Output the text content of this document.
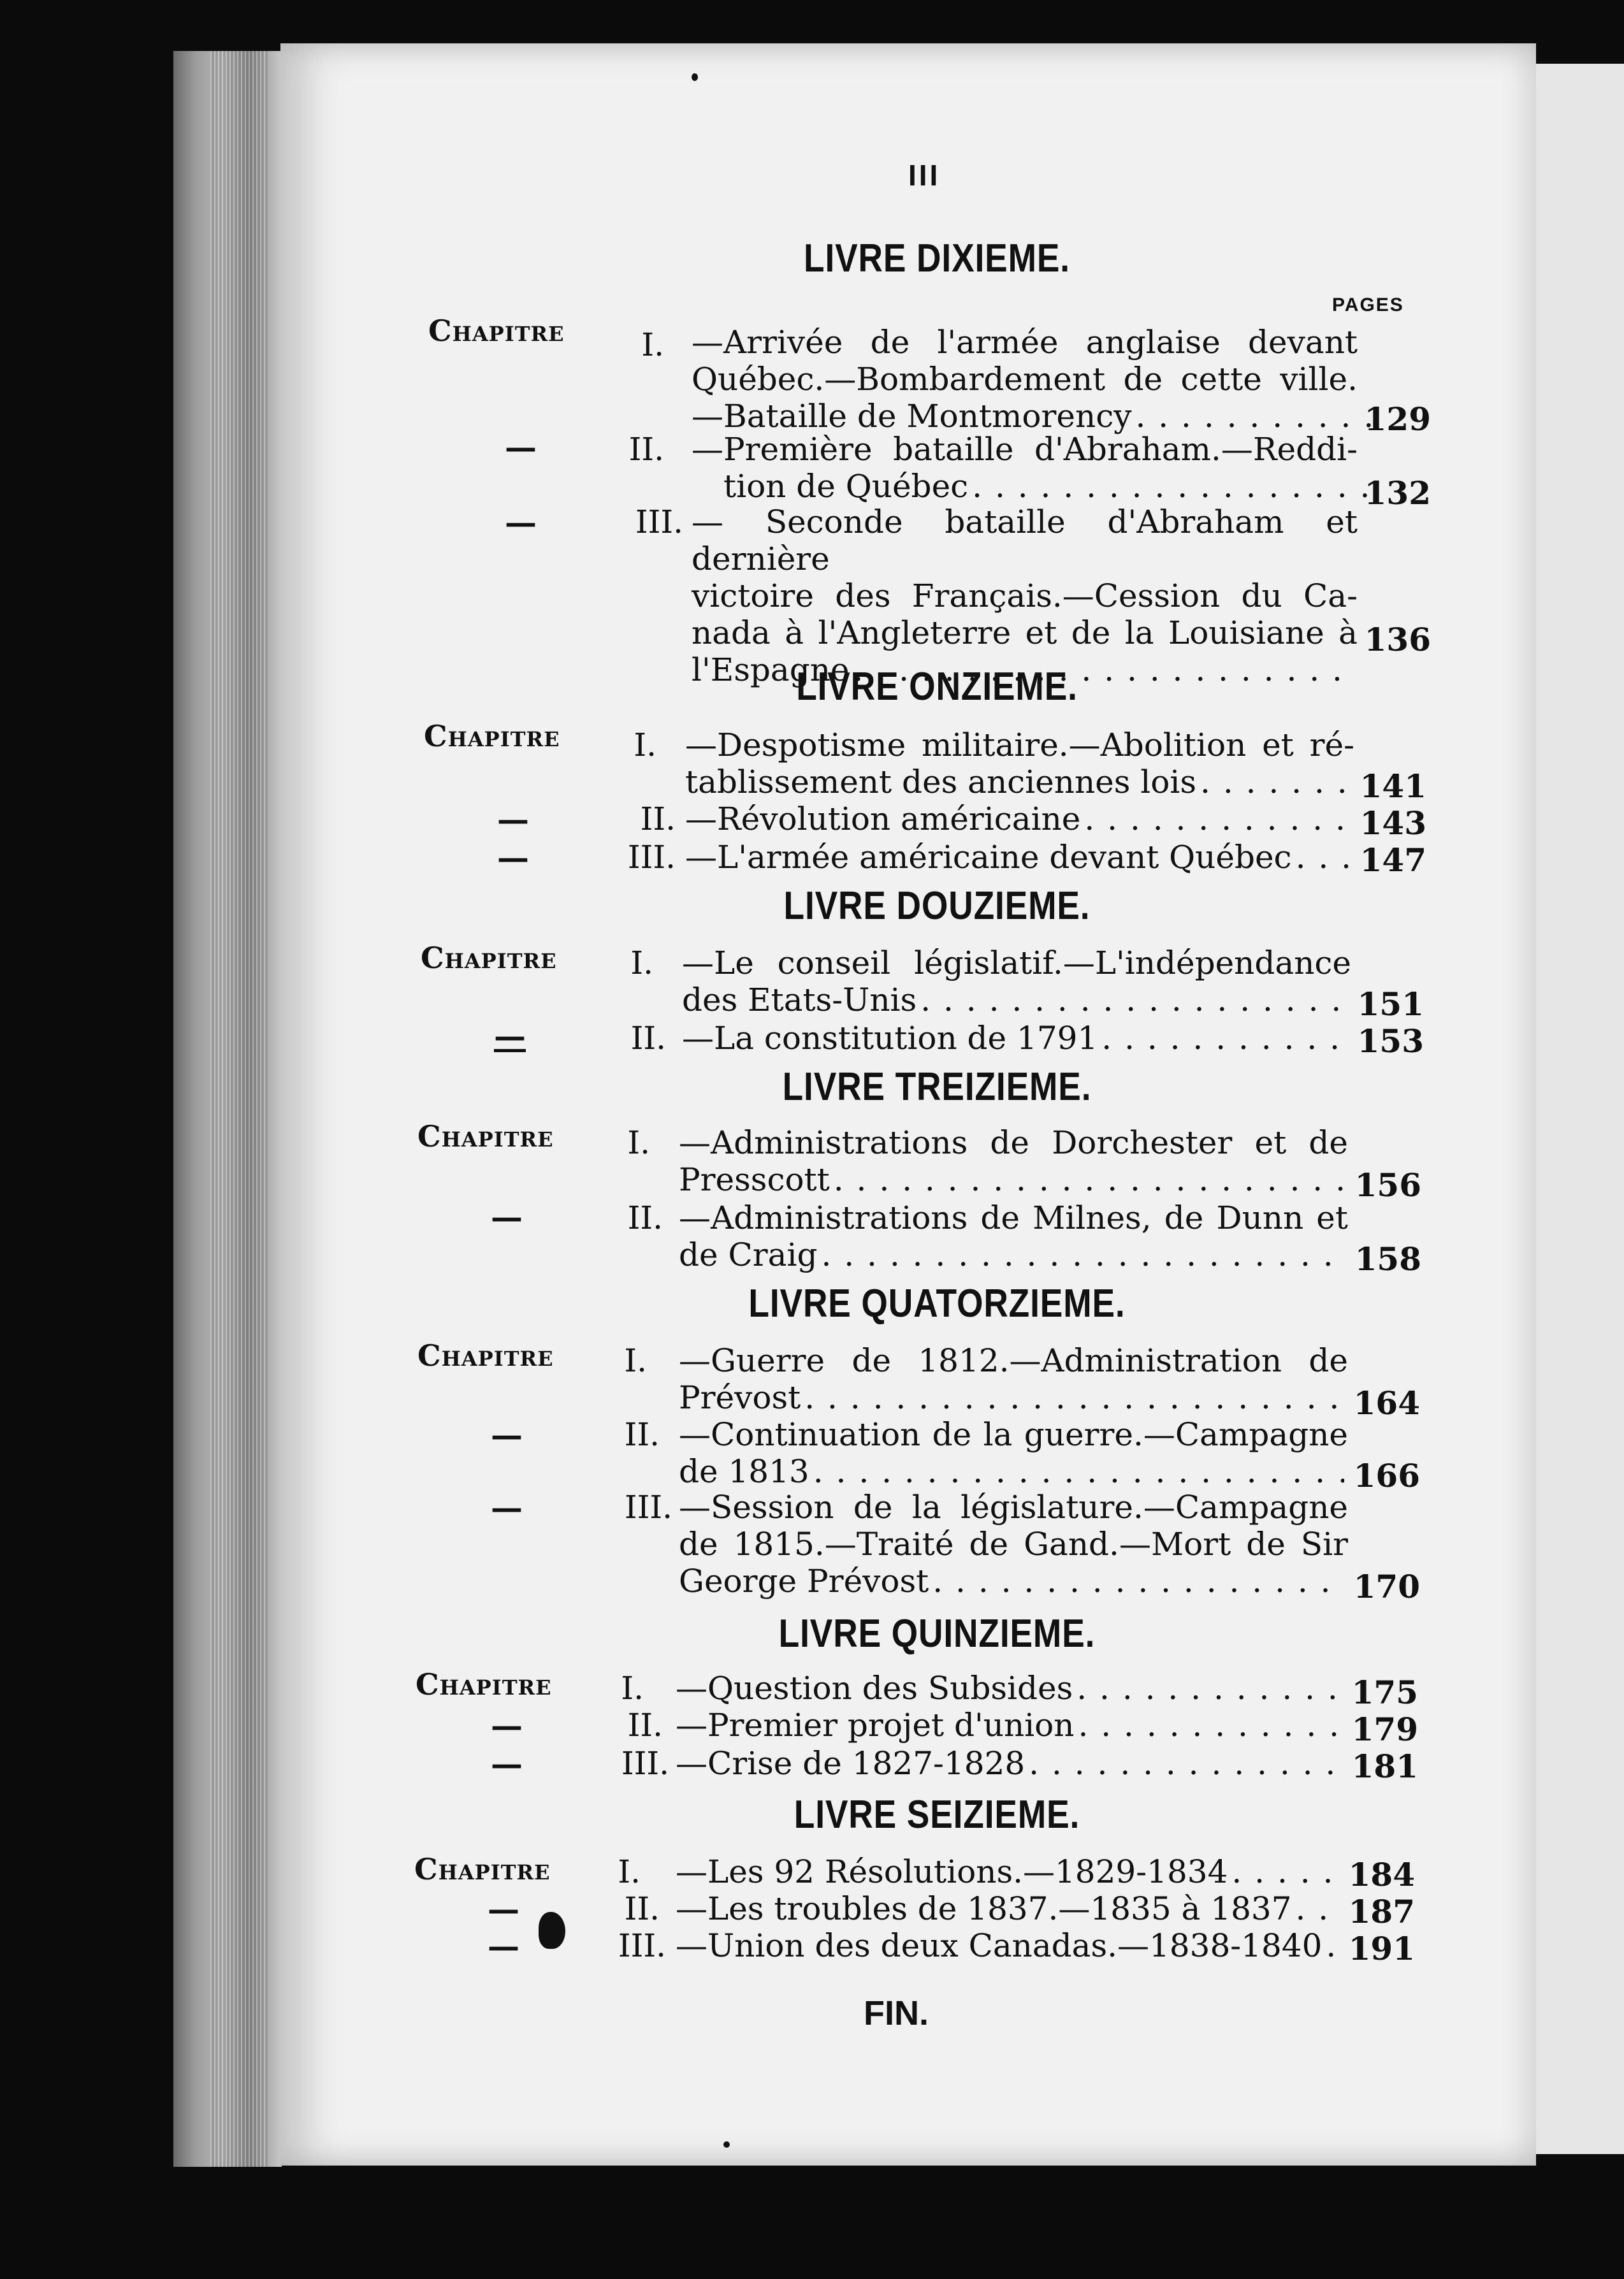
III
PAGES
LIVRE DIXIEME.
Chapitre	I. —Arrivée de l'armée anglaise devant
Québec.—Bombardement de cette ville.
—Bataille de Montmorency . . .	129
—	II. —Première bataille d'Abraham.—Reddi-
tion de Québec . . .	132
—	III. — Seconde bataille d'Abraham et dernière
victoire des Français.—Cession du Ca-
nada à l'Angleterre et de la Louisiane à
l'Espagne
. . .
136
LIVRE ONZIEME.
Chapitre	I. —Despotisme militaire.—Abolition et ré-
tablissement des anciennes lois
. . .	141
—	II. —Révolution américaine . . .	143
—	III. —L'armée américaine devant Québec . . . 147
LIVRE DOUZIEME.
Chapitre	I. —Le conseil législatif.—L'indépendance
des Etats-Unis . . .	151
—	II. —La constitution de 1791 . . .	153
LIVRE TREIZIEME.
Chapitre	I. —Administrations de Dorchester et de
Presscott . . .	156
—	II. —Administrations de Milnes, de Dunn et
de Craig
. . .	158
LIVRE QUATORZIEME.
Chapitre	I. —Guerre de 1812.—Administration de
Prévost . . .	164
—	II. —Continuation de la guerre.—Campagne
de 1813
. . .	166
—	III. —Session de la législature.—Campagne
de 1815.—Traité de Gand.—Mort de Sir
George Prévost . . .	170
LIVRE QUINZIEME.
Chapitre	I. —Question des Subsides . . .	175
—	II. —Premier projet d'union . . .	179
—	III. —Crise de 1827-1828 . . .	181
LIVRE SEIZIEME.
Chapitre	I. —Les 92 Résolutions.—1829-1834 . . .	184
—	II. —Les troubles de 1837.—1835 à 1837 . . . 187
—	III. —Union des deux Canadas.—1838-1840 . . . 191
FIN.
